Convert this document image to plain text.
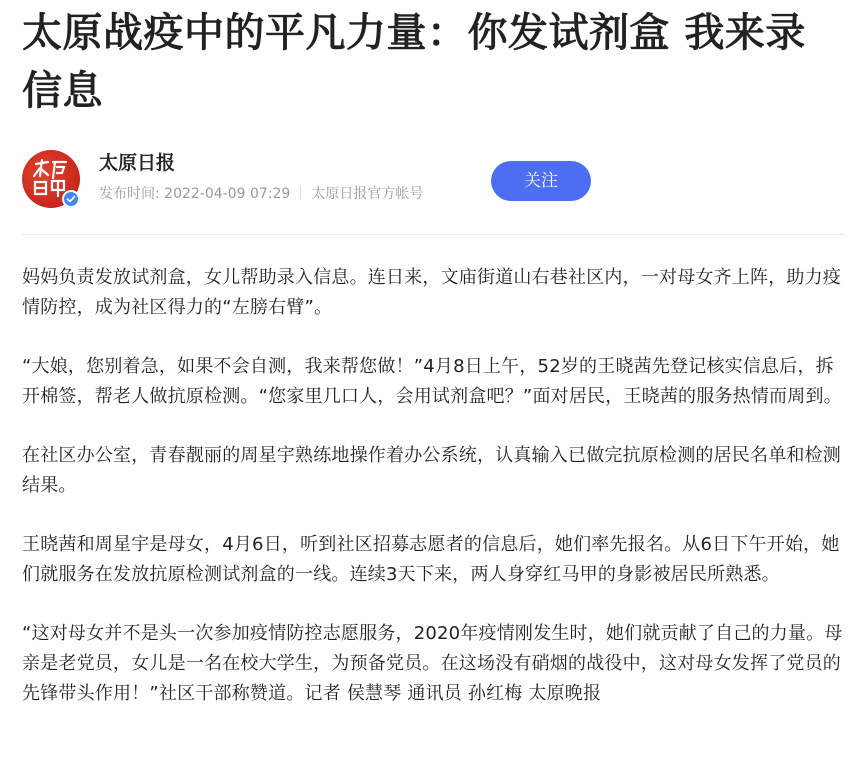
太原战疫中的平凡力量：你发试剂盒 我来录信息
太原日报
发布时间: 2022-04-09 07:29 太原日报官方帐号
关注

妈妈负责发放试剂盒，女儿帮助录入信息。连日来，文庙街道山右巷社区内，一对母女齐上阵，助力疫情防控，成为社区得力的“左膀右臂”。

“大娘，您别着急，如果不会自测，我来帮您做！”4月8日上午，52岁的王晓茜先登记核实信息后，拆开棉签，帮老人做抗原检测。“您家里几口人，会用试剂盒吧？”面对居民，王晓茜的服务热情而周到。

在社区办公室，青春靓丽的周星宇熟练地操作着办公系统，认真输入已做完抗原检测的居民名单和检测结果。

王晓茜和周星宇是母女，4月6日，听到社区招募志愿者的信息后，她们率先报名。从6日下午开始，她们就服务在发放抗原检测试剂盒的一线。连续3天下来，两人身穿红马甲的身影被居民所熟悉。

“这对母女并不是头一次参加疫情防控志愿服务，2020年疫情刚发生时，她们就贡献了自己的力量。母亲是老党员，女儿是一名在校大学生，为预备党员。在这场没有硝烟的战役中，这对母女发挥了党员的先锋带头作用！”社区干部称赞道。记者 侯慧琴 通讯员 孙红梅 太原晚报
